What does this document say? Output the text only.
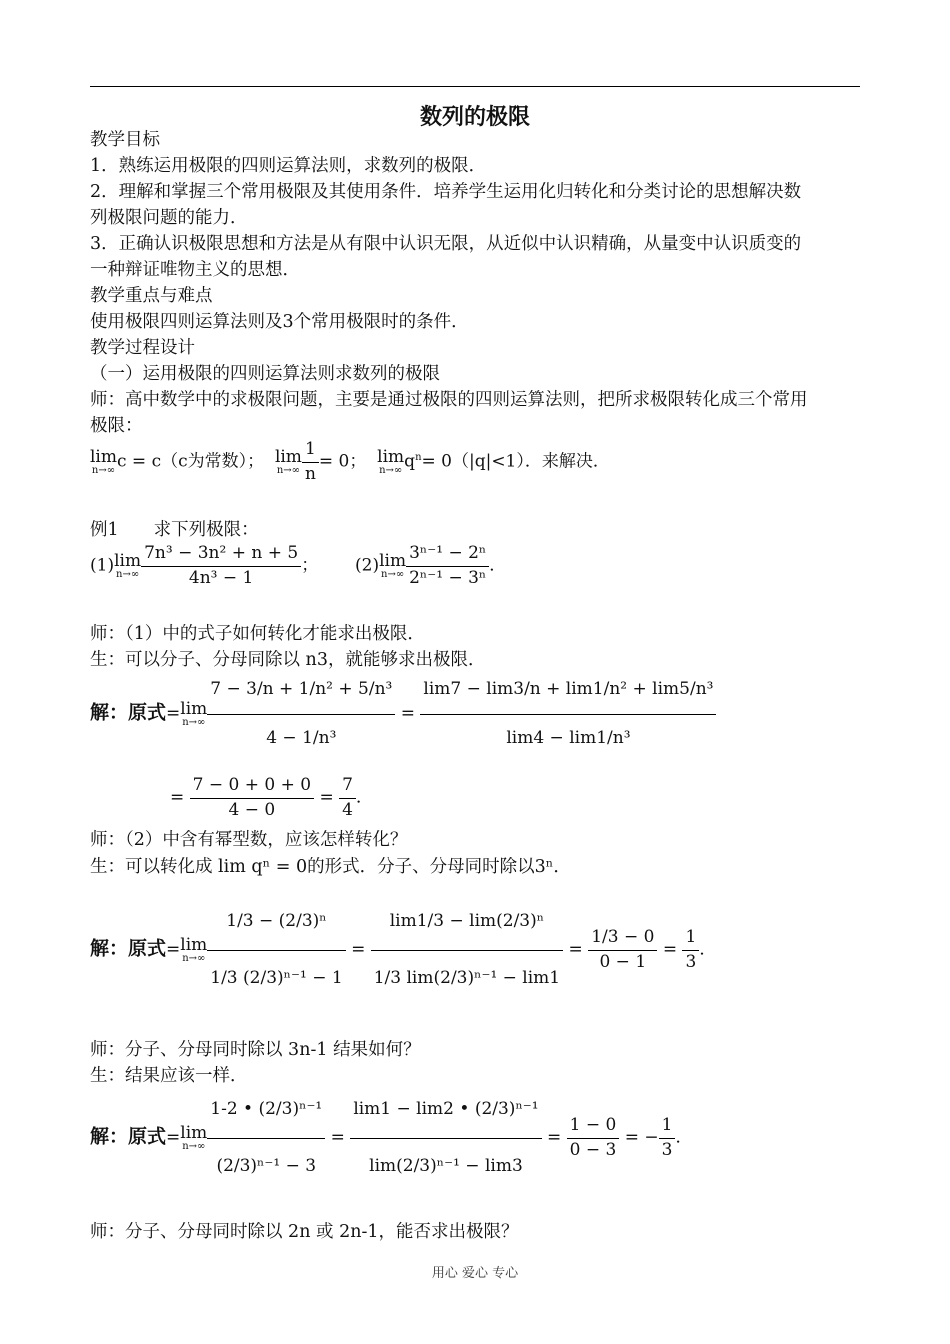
数列的极限
教学目标
1．熟练运用极限的四则运算法则，求数列的极限．
2．理解和掌握三个常用极限及其使用条件．培养学生运用化归转化和分类讨论的思想解决数
列极限问题的能力．
3．正确认识极限思想和方法是从有限中认识无限，从近似中认识精确，从量变中认识质变的
一种辩证唯物主义的思想．
教学重点与难点
使用极限四则运算法则及3个常用极限时的条件．
教学过程设计
（一）运用极限的四则运算法则求数列的极限
师：高中数学中的求极限问题，主要是通过极限的四则运算法则，把所求极限转化成三个常用
极限：
lim
n→∞ c = c（c为常数）； lim
$n\to\infty \frac{1}{n} = 0$； lim
n→∞ $q^n= 0(|q|<1)$．来解决．
例1　　求下列极限：
(1) lim
$n\to\infty \frac{\text{7n³ − 3n² + n + 5}}{\text{4n³ − 1}}$ ； (2) lim
$n\to\infty \frac{\text{3ⁿ⁻¹ − 2ⁿ}}{\text{2ⁿ⁻¹ − 3ⁿ}}$ ．
师：（1）中的式子如何转化才能求出极限．
生：可以分子、分母同除以 n3，就能够求出极限．
解：原式= lim
$n\to\infty \frac{\text{7 − 3/n + 1/n² + 5/n³}}{\text{4 − 1/n³}} = \frac{\text{lim7 − lim3/n + lim1/n² + lim5/n³}}{\text{lim4 − lim1/n³}}$
= $\frac{7 - 0 + 0 + 0}{4 - 0} = \frac{7}{4}$ ．
师：（2）中含有幂型数，应该怎样转化？
生：可以转化成 lim qⁿ = 0的形式．分子、分母同时除以3ⁿ．
解：原式= lim
$n\to\infty \frac{\text{1/3 − (2/3)ⁿ}}{\text{1/3 (2/3)ⁿ⁻¹ − 1}} = \frac{\text{lim1/3 − lim(2/3)ⁿ}}{\text{1/3 lim(2/3)ⁿ⁻¹ − lim1}} = \frac{1/3 - 0}{0 - 1} = \frac{1}{3}$ ．
师：分子、分母同时除以 3n-1 结果如何？
生：结果应该一样．
解：原式= lim
$n\to\infty \frac{\text{1-2 • (2/3)ⁿ⁻¹}}{\text{(2/3)ⁿ⁻¹ − 3}} = \frac{\text{lim1 − lim2 • (2/3)ⁿ⁻¹}}{\text{lim(2/3)ⁿ⁻¹ − lim3}} = \frac{1 - 0}{0 - 3}$ = − $\frac{1}{3}$ ．
师：分子、分母同时除以 2n 或 2n-1，能否求出极限？
用心 爱心 专心
